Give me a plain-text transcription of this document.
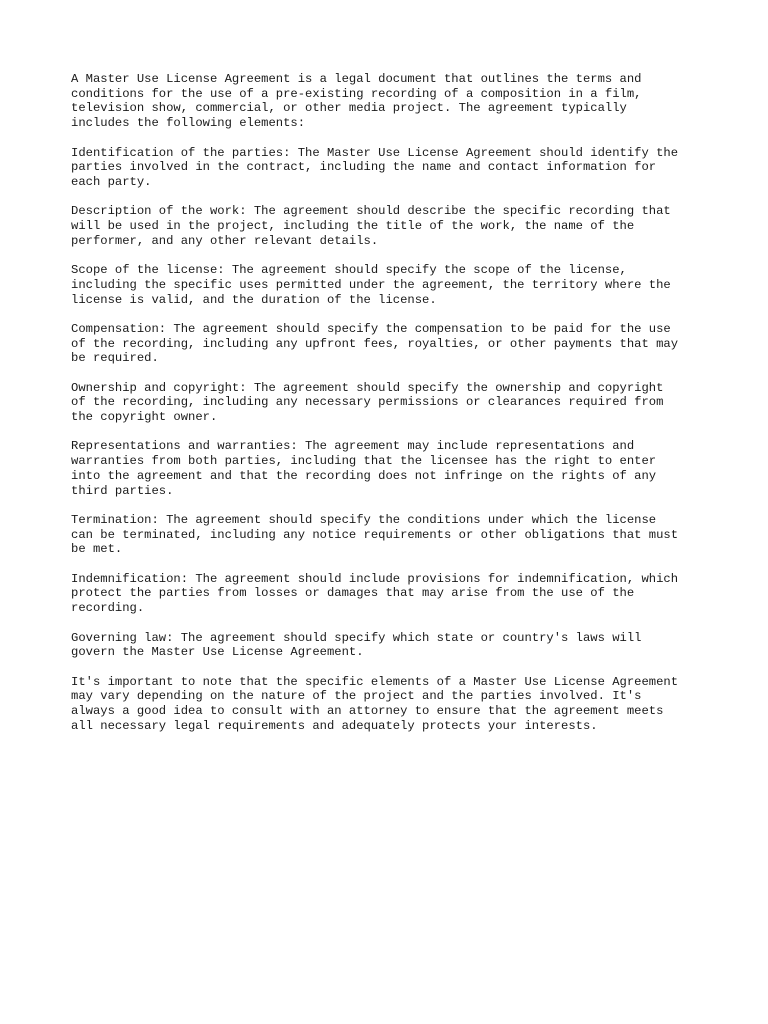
A Master Use License Agreement is a legal document that outlines the terms and
conditions for the use of a pre-existing recording of a composition in a film,
television show, commercial, or other media project. The agreement typically
includes the following elements:

Identification of the parties: The Master Use License Agreement should identify the
parties involved in the contract, including the name and contact information for
each party.

Description of the work: The agreement should describe the specific recording that
will be used in the project, including the title of the work, the name of the
performer, and any other relevant details.

Scope of the license: The agreement should specify the scope of the license,
including the specific uses permitted under the agreement, the territory where the
license is valid, and the duration of the license.

Compensation: The agreement should specify the compensation to be paid for the use
of the recording, including any upfront fees, royalties, or other payments that may
be required.

Ownership and copyright: The agreement should specify the ownership and copyright
of the recording, including any necessary permissions or clearances required from
the copyright owner.

Representations and warranties: The agreement may include representations and
warranties from both parties, including that the licensee has the right to enter
into the agreement and that the recording does not infringe on the rights of any
third parties.

Termination: The agreement should specify the conditions under which the license
can be terminated, including any notice requirements or other obligations that must
be met.

Indemnification: The agreement should include provisions for indemnification, which
protect the parties from losses or damages that may arise from the use of the
recording.

Governing law: The agreement should specify which state or country's laws will
govern the Master Use License Agreement.

It's important to note that the specific elements of a Master Use License Agreement
may vary depending on the nature of the project and the parties involved. It's
always a good idea to consult with an attorney to ensure that the agreement meets
all necessary legal requirements and adequately protects your interests.
